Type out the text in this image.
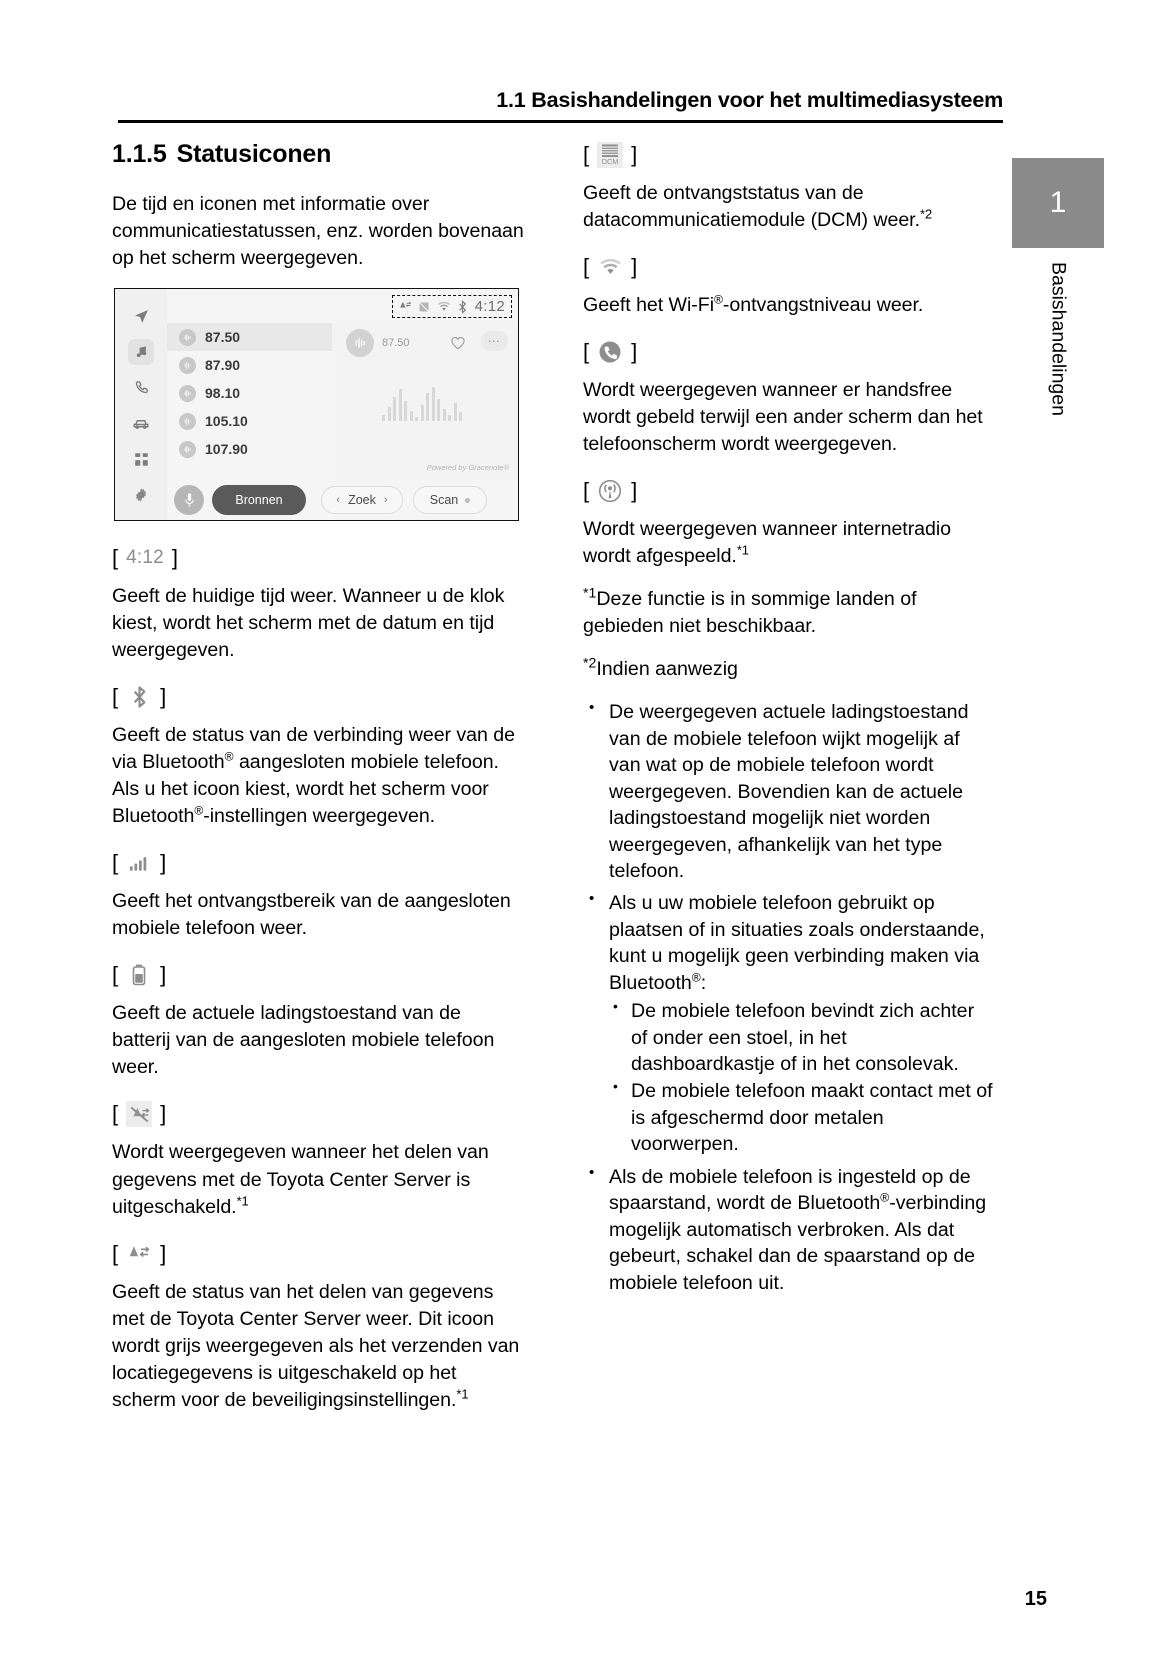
1.1 Basishandelingen voor het multimediasysteem
1
Basishandelingen
1.1.5 Statusiconen

De tijd en iconen met informatie over communicatiestatussen, enz. worden bovenaan op het scherm weergegeven.

4:12
87.50
87.90
98.10
105.10
107.90
87.50	⋯
Powered by Gracenote®
Bronnen	‹ Zoek ›	Scan
[ 4:12 ]

Geeft de huidige tijd weer. Wanneer u de klok kiest, wordt het scherm met de datum en tijd weergegeven.

[ ]

Geeft de status van de verbinding weer van de via Bluetooth® aangesloten mobiele telefoon. Als u het icoon kiest, wordt het scherm voor Bluetooth®-instellingen weergegeven.

[ ]

Geeft het ontvangstbereik van de aangesloten mobiele telefoon weer.

[ ]

Geeft de actuele ladingstoestand van de batterij van de aangesloten mobiele telefoon weer.

[ ]

Wordt weergegeven wanneer het delen van gegevens met de Toyota Center Server is uitgeschakeld.$^{*1}$

[ ]

Geeft de status van het delen van gegevens met de Toyota Center Server weer. Dit icoon wordt grijs weergegeven als het verzenden van locatiegegevens is uitgeschakeld op het scherm voor de beveiligingsinstellingen.$^{*1}$

[ DCM ]

Geeft de ontvangststatus van de datacommunicatiemodule (DCM) weer.$^{*2}$

[ ]

Geeft het Wi-Fi®-ontvangstniveau weer.

[ ]

Wordt weergegeven wanneer er handsfree wordt gebeld terwijl een ander scherm dan het telefoonscherm wordt weergegeven.

[ ]

Wordt weergegeven wanneer internetradio wordt afgespeeld.$^{*1}$

$^{*1}$Deze functie is in sommige landen of gebieden niet beschikbaar.

$^{*2}$Indien aanwezig

• De weergegeven actuele ladingstoestand van de mobiele telefoon wijkt mogelijk af van wat op de mobiele telefoon wordt weergegeven. Bovendien kan de actuele ladingstoestand mogelijk niet worden weergegeven, afhankelijk van het type telefoon.
• Als u uw mobiele telefoon gebruikt op plaatsen of in situaties zoals onderstaande, kunt u mogelijk geen verbinding maken via Bluetooth®:
• De mobiele telefoon bevindt zich achter of onder een stoel, in het dashboardkastje of in het consolevak.
• De mobiele telefoon maakt contact met of is afgeschermd door metalen voorwerpen.
• Als de mobiele telefoon is ingesteld op de spaarstand, wordt de Bluetooth®-verbinding mogelijk automatisch verbroken. Als dat gebeurt, schakel dan de spaarstand op de mobiele telefoon uit.
15
